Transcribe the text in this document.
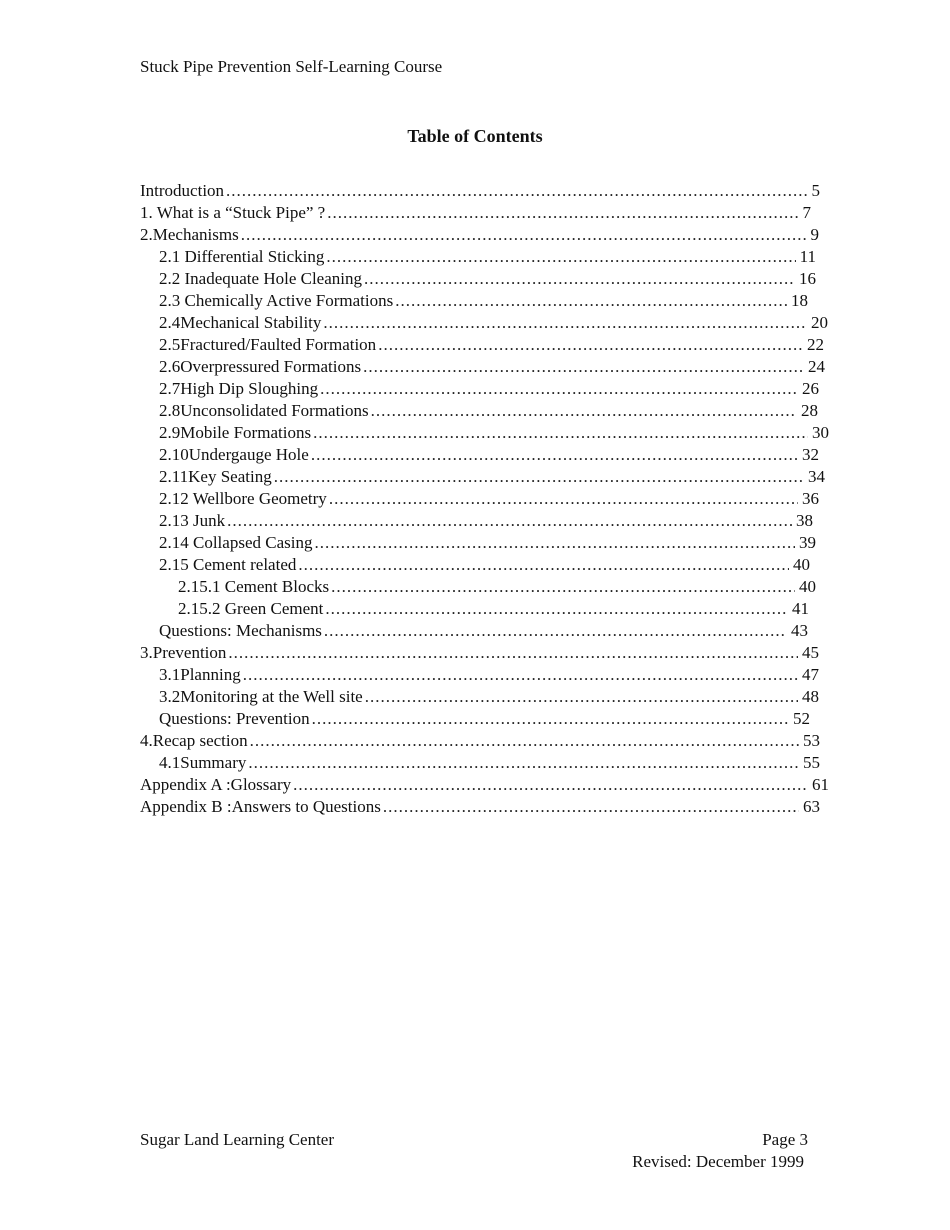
Stuck Pipe Prevention Self-Learning Course
Table of Contents
Introduction .....	5
1. What is a “Stuck Pipe” ? .....	7
2. Mechanisms .....	9
2.1 Differential Sticking .....	11
2.2 Inadequate Hole Cleaning .....	16
2.3 Chemically Active Formations .....	18
2.4 Mechanical Stability .....	20
2.5 Fractured/Faulted Formation .....	22
2.6 Overpressured Formations .....	24
2.7 High Dip Sloughing .....	26
2.8 Unconsolidated Formations .....	28
2.9 Mobile Formations .....	30
2.10 Undergauge Hole .....	32
2.11 Key Seating .....	34
2.12 Wellbore Geometry .....	36
2.13 Junk .....	38
2.14 Collapsed Casing .....	39
2.15 Cement related .....	40
2.15.1 Cement Blocks .....	40
2.15.2 Green Cement .....	41
Questions: Mechanisms .....	43
3. Prevention .....	45
3.1 Planning .....	47
3.2 Monitoring at the Well site .....	48
Questions: Prevention .....	52
4. Recap section .....	53
4.1 Summary .....	55
Appendix A : Glossary .....	61
Appendix B : Answers to Questions .....	63
Sugar Land Learning Center	Page 3
Revised: December 1999
